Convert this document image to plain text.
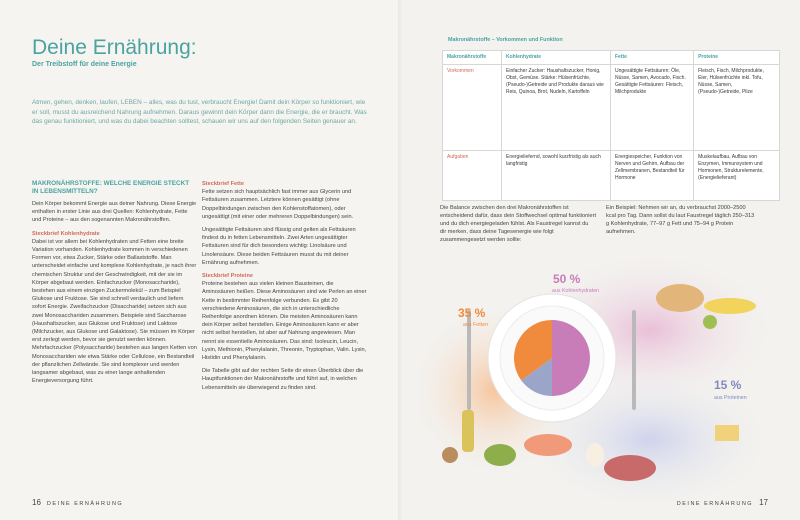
Deine Ernährung:
Der Treibstoff für deine Energie
Atmen, gehen, denken, laufen, LEBEN – alles, was du tust, verbraucht Energie! Damit dein Körper so funktioniert, wie er soll, musst du ausreichend Nahrung aufnehmen. Daraus gewinnt dein Körper dann die Energie, die er braucht. Was das genau funktioniert, und was du dabei beachten solltest, schauen wir uns auf den folgenden Seiten genauer an.
MAKRONÄHRSTOFFE: WELCHE ENERGIE STECKT IN LEBENSMITTELN?

Dein Körper bekommt Energie aus deiner Nahrung. Diese Energie enthalten in erster Linie aus drei Quellen: Kohlenhydrate, Fette und Proteine – aus den sogenannten Makronährstoffen.

Steckbrief Kohlenhydrate

Dabei ist vor allem bei Kohlenhydraten und Fetten eine breite Variation vorhanden. Kohlenhydrate kommen in verschiedenen Formen vor, etwa Zucker, Stärke oder Ballaststoffe. Man unterscheidet einfache und komplexe Kohlenhydrate, je nach ihrer chemischen Struktur und der Geschwindigkeit, mit der sie im Körper abgebaut werden. Einfachzucker (Monosaccharide), bestehen aus einem einzigen Zuckermolekül – zum Beispiel Glukose und Fruktose. Sie sind schnell verdaulich und liefern sofort Energie. Zweifachzucker (Disaccharide) setzen sich aus zwei Monosacchariden zusammen. Beispiele sind Saccharose (Haushaltszucker, aus Glukose und Fruktose) und Laktose (Milchzucker, aus Glukose und Galaktose). Sie müssen im Körper erst zerlegt werden, bevor sie genutzt werden können. Mehrfachzucker (Polysaccharide) bestehen aus langen Ketten von Monosacchariden wie etwa Stärke oder Cellulose, ein Bestandteil der pflanzlichen Zellwände. Sie sind komplexer und werden langsamer abgebaut, was zu einer lange anhaltenden Energieversorgung führt.

Steckbrief Fette

Fette setzen sich hauptsächlich fast immer aus Glycerin und Fettsäuren zusammen. Letztere können gesättigt (ohne Doppelbindungen zwischen den Kohlenstoffatomen), oder ungesättigt (mit einer oder mehreren Doppelbindungen) sein.

Ungesättigte Fettsäuren sind flüssig und gelten als Fettsäuren findest du in fetten Lebensmitteln. Zwei Arten ungesättigter Fettsäuren sind für dich besonders wichtig: Linolsäure und Linolensäure. Diese beiden Fettsäuren musst du mit deiner Ernährung aufnehmen.

Steckbrief Proteine

Proteine bestehen aus vielen kleinen Bausteinen, die Aminosäuren heißen. Diese Aminosäuren sind wie Perlen an einer Kette in bestimmter Reihenfolge verbunden. Es gibt 20 verschiedene Aminosäuren, die sich in unterschiedliche Reihenfolge anordnen können. Die meisten Aminosäuren kann dein Körper selbst herstellen. Einige Aminosäuren kann er aber nicht selbst herstellen, ist aber auf Nahrung angewiesen. Man nennt sie essentielle Aminosäuren. Das sind: Isoleucin, Leucin, Lysin, Methionin, Phenylalanin, Threonin, Tryptophan, Valin. Lysin, Histidin und Phenylalanin.

Die Tabelle gibt auf der rechten Seite dir einen Überblick über die Hauptfunktionen der Makronährstoffe und führt auf, in welchen Lebensmitteln sie überwiegend zu finden sind.

16 DEINE ERNÄHRUNG
Makronährstoffe – Vorkommen und Funktion
Makronährstoffe	Kohlenhydrate	Fette	Proteine
Vorkommen	Einfacher Zucker: Haushaltszucker, Honig, Obst, Gemüse. Stärke: Hülsenfrüchte, (Pseudo-)Getreide und Produkte daraus wie Reis, Quinoa, Brot, Nudeln, Kartoffeln	Ungesättigte Fettsäuren: Öle, Nüsse, Samen, Avocado, Fisch. Gesättigte Fettsäuren: Fleisch, Milchprodukte	Fleisch, Fisch, Milchprodukte, Eier, Hülsenfrüchte inkl. Tofu, Nüsse, Samen, (Pseudo-)Getreide, Pilze
Aufgaben	Energieliefernd, sowohl kurzfristig als auch langfristig	Energiespeicher, Funktion von Nerven und Gehirn, Aufbau der Zellmembranen, Bestandteil für Hormone	Muskelaufbau, Aufbau von Enzymen, Immunsystem und Hormonen, Strukturelemente, (Energielieferant)
Die Balance zwischen den drei Makronährstoffen ist entscheidend dafür, dass dein Stoffwechsel optimal funktioniert und du dich energiegeladen fühlst. Als Faustregel kannst du dir merken, dass deine Tagesenergie wie folgt zusammengesetzt werden sollte:
Ein Beispiel: Nehmen wir an, du verbrauchst 2000–2500 kcal pro Tag. Dann sollst du laut Faustregel täglich 250–313 g Kohlenhydrate, 77–97 g Fett und 75–94 g Protein aufnehmen.
50 %
aus Kohlenhydraten
35 %
aus Fetten
15 %
aus Proteinen
DEINE ERNÄHRUNG 17
